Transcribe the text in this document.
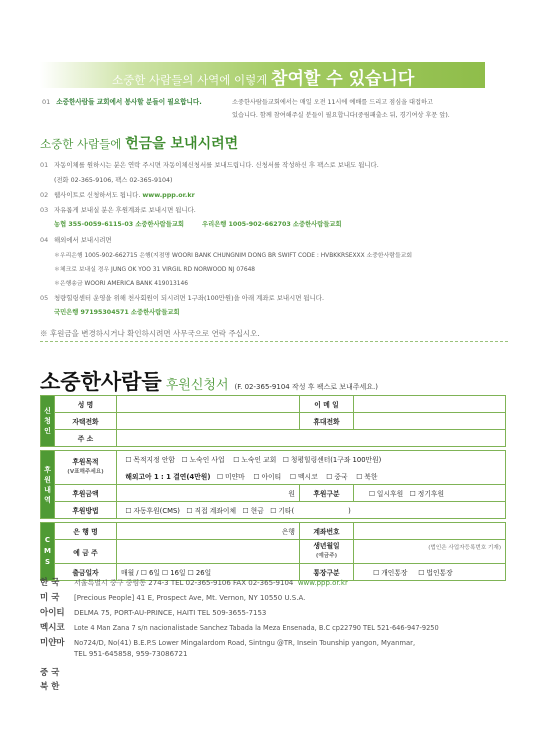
소중한 사람들의 사역에 이렇게 참여할 수 있습니다
01 소중한사람들 교회에서 봉사할 분들이 필요합니다.	소중한사람들교회에서는 매일 오전 11시에 예배를 드리고 점심을 대접하고
있습니다. 함께 참여해주실 분들이 필요합니다(중림패출소 뒤, 경기여상 후문 앞).
소중한 사람들에 헌금을 보내시려면
01 자동이체를 원하시는 분은 연락 주시면 자동이체신청서를 보내드립니다. 신청서를 작성하신 후 팩스로 보내도 됩니다.
(전화 02-365-9106, 팩스 02-365-9104)
02 웹사이트로 신청하셔도 됩니다. www.ppp.or.kr
03 자유롭게 보내실 분은 후원계좌로 보내시면 됩니다.
농협 355-0059-6115-03 소중한사람들교회	우리은행 1005-902-662703 소중한사람들교회
04 해외에서 보내시려면
＊우리은행 1005-902-662715 은행(지점명 WOORI BANK CHUNGNIM DONG BR SWIFT CODE : HVBKKRSEXXX 소중한사람들교회
＊체크로 보내실 경우 JUNG OK YOO 31 VIRGIL RD NORWOOD NJ 07648
＊은행송금 WOORI AMERICA BANK 419013146
05 청량힐링센터 운영을 위해 천사회원이 되시려면 1구좌(100만원)을 아래 계좌로 보내시면 됩니다.
국민은행 97195304571 소중한사람들교회
※ 후원금을 변경하시거나 확인하시려면 사무국으로 연락 주십시오.
소중한사람들 후원신청서 (F. 02-365-9104 작성 후 팩스로 보내주세요.)
신청인	성 명		이 메 일	
	자택전화		휴대전화	
	주 소			

후원내역	후원목적
(V표해주세요)	☐ 목적지정 안함 ☐ 노숙인 사업 ☐ 노숙인 교회 ☐ 청평힐링센터(1구좌 100만원)
		해외고아 1 : 1 결연(4만원) ☐ 미얀마 ☐ 아이티 ☐ 멕시코 ☐ 중국 ☐ 북한
	후원금액	원	후원구분	☐ 일시후원 ☐ 정기후원
	후원방법	☐ 자동후원(CMS) ☐ 직접 계좌이체 ☐ 현금 ☐ 기타( )

C
M
S	은 행 명	은행	계좌번호	
	예 금 주		생년월일
(예금주)	(법인은 사업자등록번호 기재)
	출금일자	매월 / ☐ 6일 ☐ 16일 ☐ 26일	통장구분	☐ 개인통장 ☐ 법인통장
한 국 서울특별시 중구 중림동 274-3 TEL 02-365-9106 FAX 02-365-9104 www.ppp.or.kr
미 국 [Precious People] 41 E, Prospect Ave, Mt. Vernon, NY 10550 U.S.A.
아이티 DELMA 75, PORT-AU-PRINCE, HAITI TEL 509-3655-7153
멕시코 Lote 4 Man Zana 7 s/n nacionalistade Sanchez Tabada la Meza Ensenada, B.C cp22790 TEL 521-646-947-9250
미얀마 No724/D, No(41) B.E.P.S Lower Mingalardom Road, Sintngu @TR, Insein Tounship yangon, Myanmar,
TEL 951-645858, 959-73086721
중 국
북 한
